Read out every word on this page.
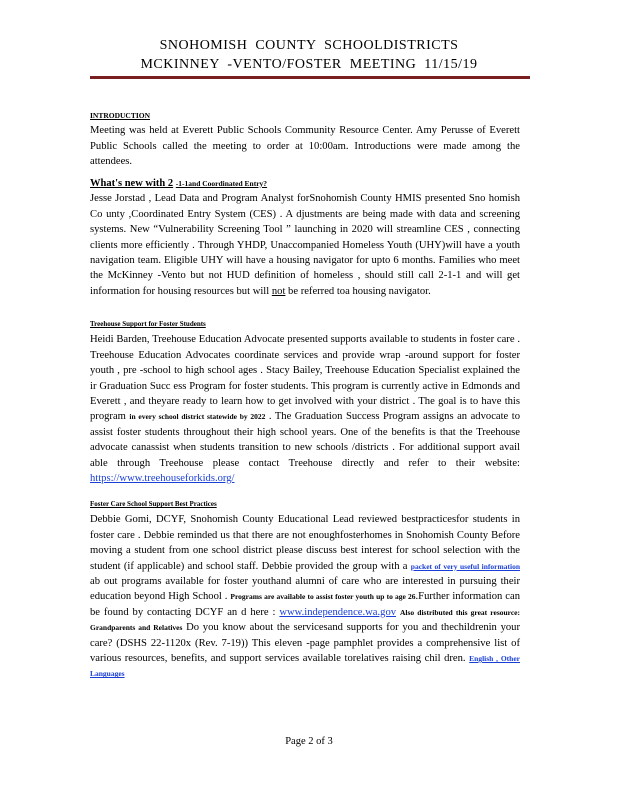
SNOHOMISH COUNTY SCHOOLDISTRICTS
MCKINNEY -VENTO/FOSTER MEETING 11/15/19
INTRODUCTION
Meeting was held at Everett Public Schools Community Resource Center. Amy Perusse of Everett Public Schools called the meeting to order at 10:00am. Introductions were made among the attendees.
What's new with 2 -1-1and Coordinated Entry?
Jesse Jorstad , Lead Data and Program Analyst forSnohomish County HMIS presented Sno homish Co unty ,Coordinated Entry System (CES) . A djustments are being made with data and screening systems. New “Vulnerability Screening Tool ” launching in 2020 will streamline CES , connecting clients more efficiently . Through YHDP, Unaccompanied Homeless Youth (UHY)will have a youth navigation team. Eligible UHY will have a housing navigator for upto 6 months. Families who meet the McKinney -Vento but not HUD definition of homeless , should still call 2-1-1 and will get information for housing resources but will not be referred toa housing navigator.
Treehouse Support for Foster Students
Heidi Barden, Treehouse Education Advocate presented supports available to students in foster care . Treehouse Education Advocates coordinate services and provide wrap -around support for foster youth , pre -school to high school ages . Stacy Bailey, Treehouse Education Specialist explained the ir Graduation Succ ess Program for foster students. This program is currently active in Edmonds and Everett , and theyare ready to learn how to get involved with your district . The goal is to have this program in every school district statewide by 2022 . The Graduation Success Program assigns an advocate to assist foster students throughout their high school years. One of the benefits is that the Treehouse advocate canassist when students transition to new schools /districts . For additional support avail able through Treehouse please contact Treehouse directly and refer to their website: https://www.treehouseforkids.org/
Foster Care School Support Best Practices
Debbie Gomi, DCYF, Snohomish County Educational Lead reviewed bestpracticesfor students in foster care . Debbie reminded us that there are not enoughfosterhomes in Snohomish County Before moving a student from one school district please discuss best interest for school selection with the student (if applicable) and school staff. Debbie provided the group with a packet of very useful information ab out programs available for foster youthand alumni of care who are interested in pursuing their education beyond High School . Programs are available to assist foster youth up to age 26.Further information can be found by contacting DCYF an d here : www.independence.wa.gov Also distributed this great resource: Grandparents and Relatives Do you know about the servicesand supports for you and thechildrenin your care? (DSHS 22-1120x (Rev. 7-19)) This eleven -page pamphlet provides a comprehensive list of various resources, benefits, and support services available torelatives raising chil dren. English , Other Languages
Page 2 of 3
